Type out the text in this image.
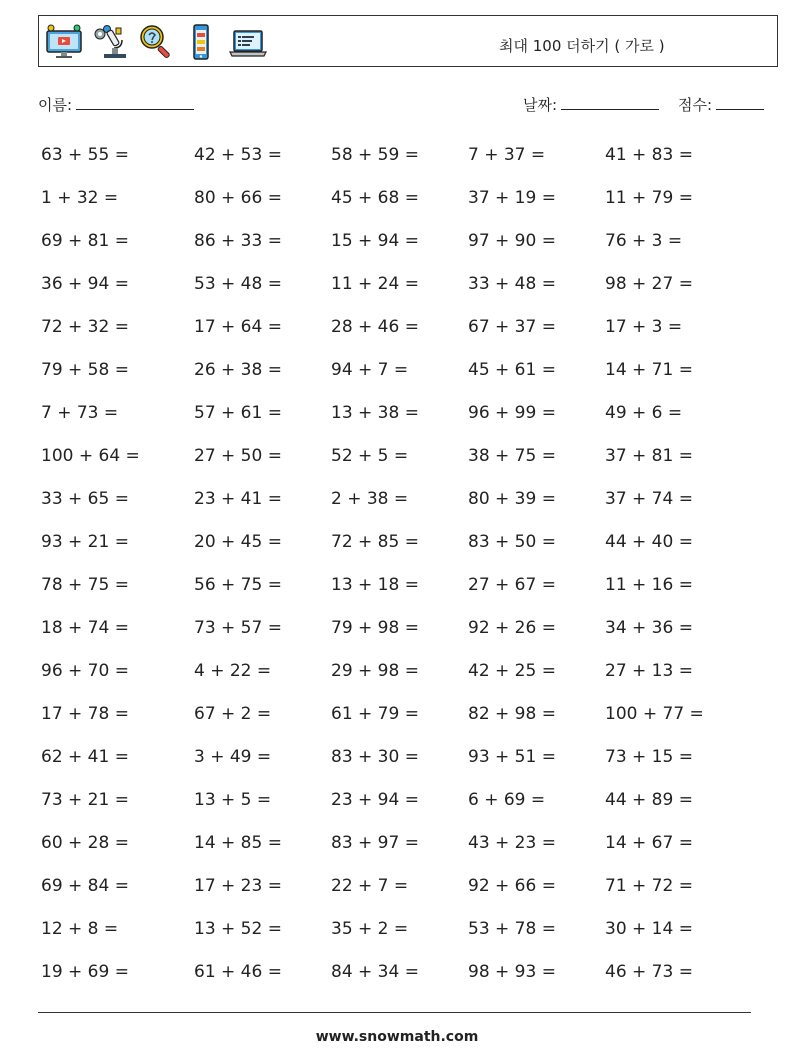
최대 100 더하기 ( 가로 )
이름:	날짜:	점수:
63 + 55 =	42 + 53 =	58 + 59 =	7 + 37 =	41 + 83 =
1 + 32 =	80 + 66 =	45 + 68 =	37 + 19 =	11 + 79 =
69 + 81 =	86 + 33 =	15 + 94 =	97 + 90 =	76 + 3 =
36 + 94 =	53 + 48 =	11 + 24 =	33 + 48 =	98 + 27 =
72 + 32 =	17 + 64 =	28 + 46 =	67 + 37 =	17 + 3 =
79 + 58 =	26 + 38 =	94 + 7 =	45 + 61 =	14 + 71 =
7 + 73 =	57 + 61 =	13 + 38 =	96 + 99 =	49 + 6 =
100 + 64 =	27 + 50 =	52 + 5 =	38 + 75 =	37 + 81 =
33 + 65 =	23 + 41 =	2 + 38 =	80 + 39 =	37 + 74 =
93 + 21 =	20 + 45 =	72 + 85 =	83 + 50 =	44 + 40 =
78 + 75 =	56 + 75 =	13 + 18 =	27 + 67 =	11 + 16 =
18 + 74 =	73 + 57 =	79 + 98 =	92 + 26 =	34 + 36 =
96 + 70 =	4 + 22 =	29 + 98 =	42 + 25 =	27 + 13 =
17 + 78 =	67 + 2 =	61 + 79 =	82 + 98 =	100 + 77 =
62 + 41 =	3 + 49 =	83 + 30 =	93 + 51 =	73 + 15 =
73 + 21 =	13 + 5 =	23 + 94 =	6 + 69 =	44 + 89 =
60 + 28 =	14 + 85 =	83 + 97 =	43 + 23 =	14 + 67 =
69 + 84 =	17 + 23 =	22 + 7 =	92 + 66 =	71 + 72 =
12 + 8 =	13 + 52 =	35 + 2 =	53 + 78 =	30 + 14 =
19 + 69 =	61 + 46 =	84 + 34 =	98 + 93 =	46 + 73 =
www.snowmath.com
